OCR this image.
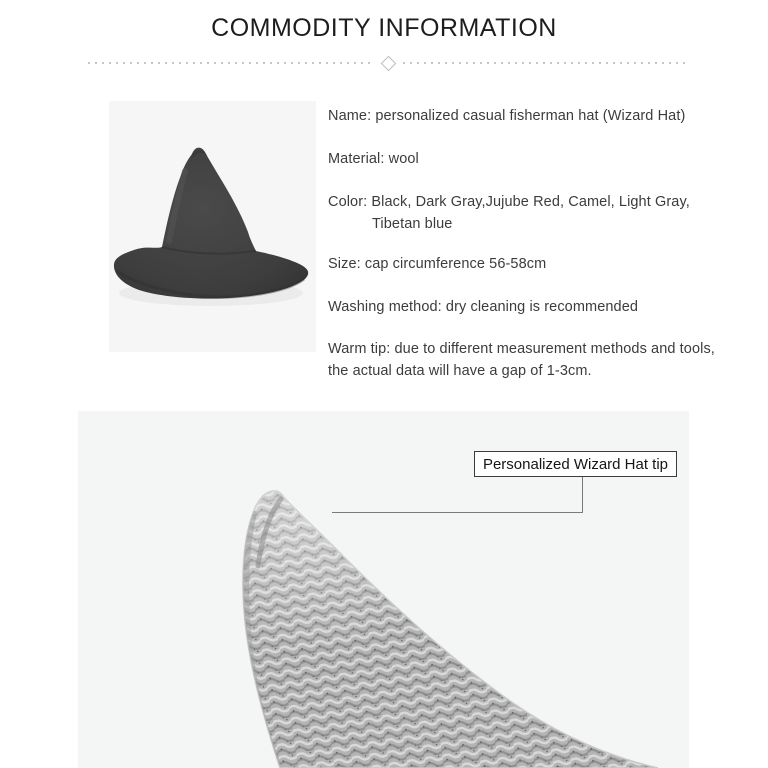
COMMODITY INFORMATION
Name: personalized casual fisherman hat (Wizard Hat)
Material: wool
Color: Black, Dark Gray,Jujube Red, Camel, Light Gray,
Tibetan blue
Size: cap circumference 56-58cm
Washing method: dry cleaning is recommended
Warm tip: due to different measurement methods and tools,
the actual data will have a gap of 1-3cm.
Personalized Wizard Hat tip
